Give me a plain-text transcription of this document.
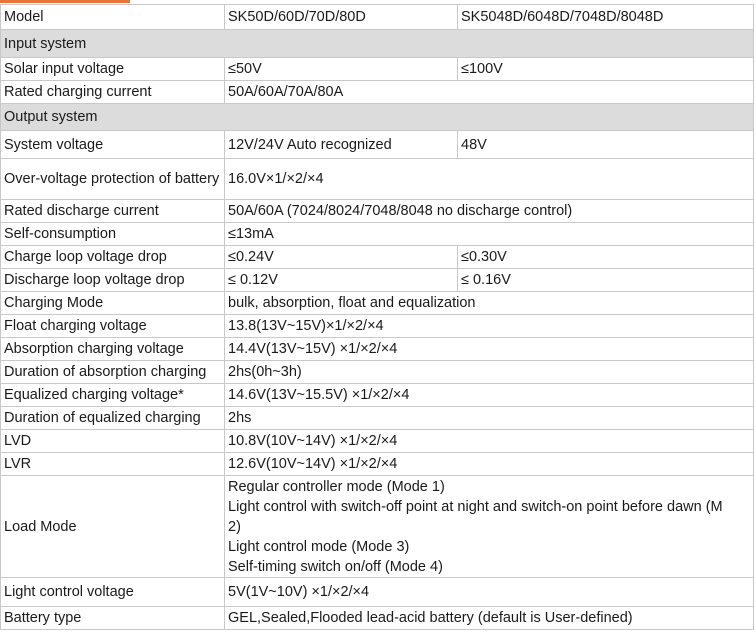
Model	SK50D/60D/70D/80D	SK5048D/6048D/7048D/8048D
Input system		
Solar input voltage	≤50V	≤100V
Rated charging current	50A/60A/70A/80A	
Output system		
System voltage	12V/24V Auto recognized	48V
Over-voltage protection of battery	16.0V×1/×2/×4	
Rated discharge current	50A/60A (7024/8024/7048/8048 no discharge control)	
Self-consumption	≤13mA	
Charge loop voltage drop	≤0.24V	≤0.30V
Discharge loop voltage drop	≤ 0.12V	≤ 0.16V
Charging Mode	bulk, absorption, float and equalization	
Float charging voltage	13.8(13V~15V)×1/×2/×4	
Absorption charging voltage	14.4V(13V~15V) ×1/×2/×4	
Duration of absorption charging	2hs(0h~3h)	
Equalized charging voltage*	14.6V(13V~15.5V) ×1/×2/×4	
Duration of equalized charging	2hs	
LVD	10.8V(10V~14V) ×1/×2/×4	
LVR	12.6V(10V~14V) ×1/×2/×4	
Load Mode	Regular controller mode (Mode 1)
Light control with switch-off point at night and switch-on point before dawn (M
2)
Light control mode (Mode 3)
Self-timing switch on/off (Mode 4)	

Light control voltage	5V(1V~10V) ×1/×2/×4	
Battery type	GEL,Sealed,Flooded lead-acid battery (default is User-defined)	
